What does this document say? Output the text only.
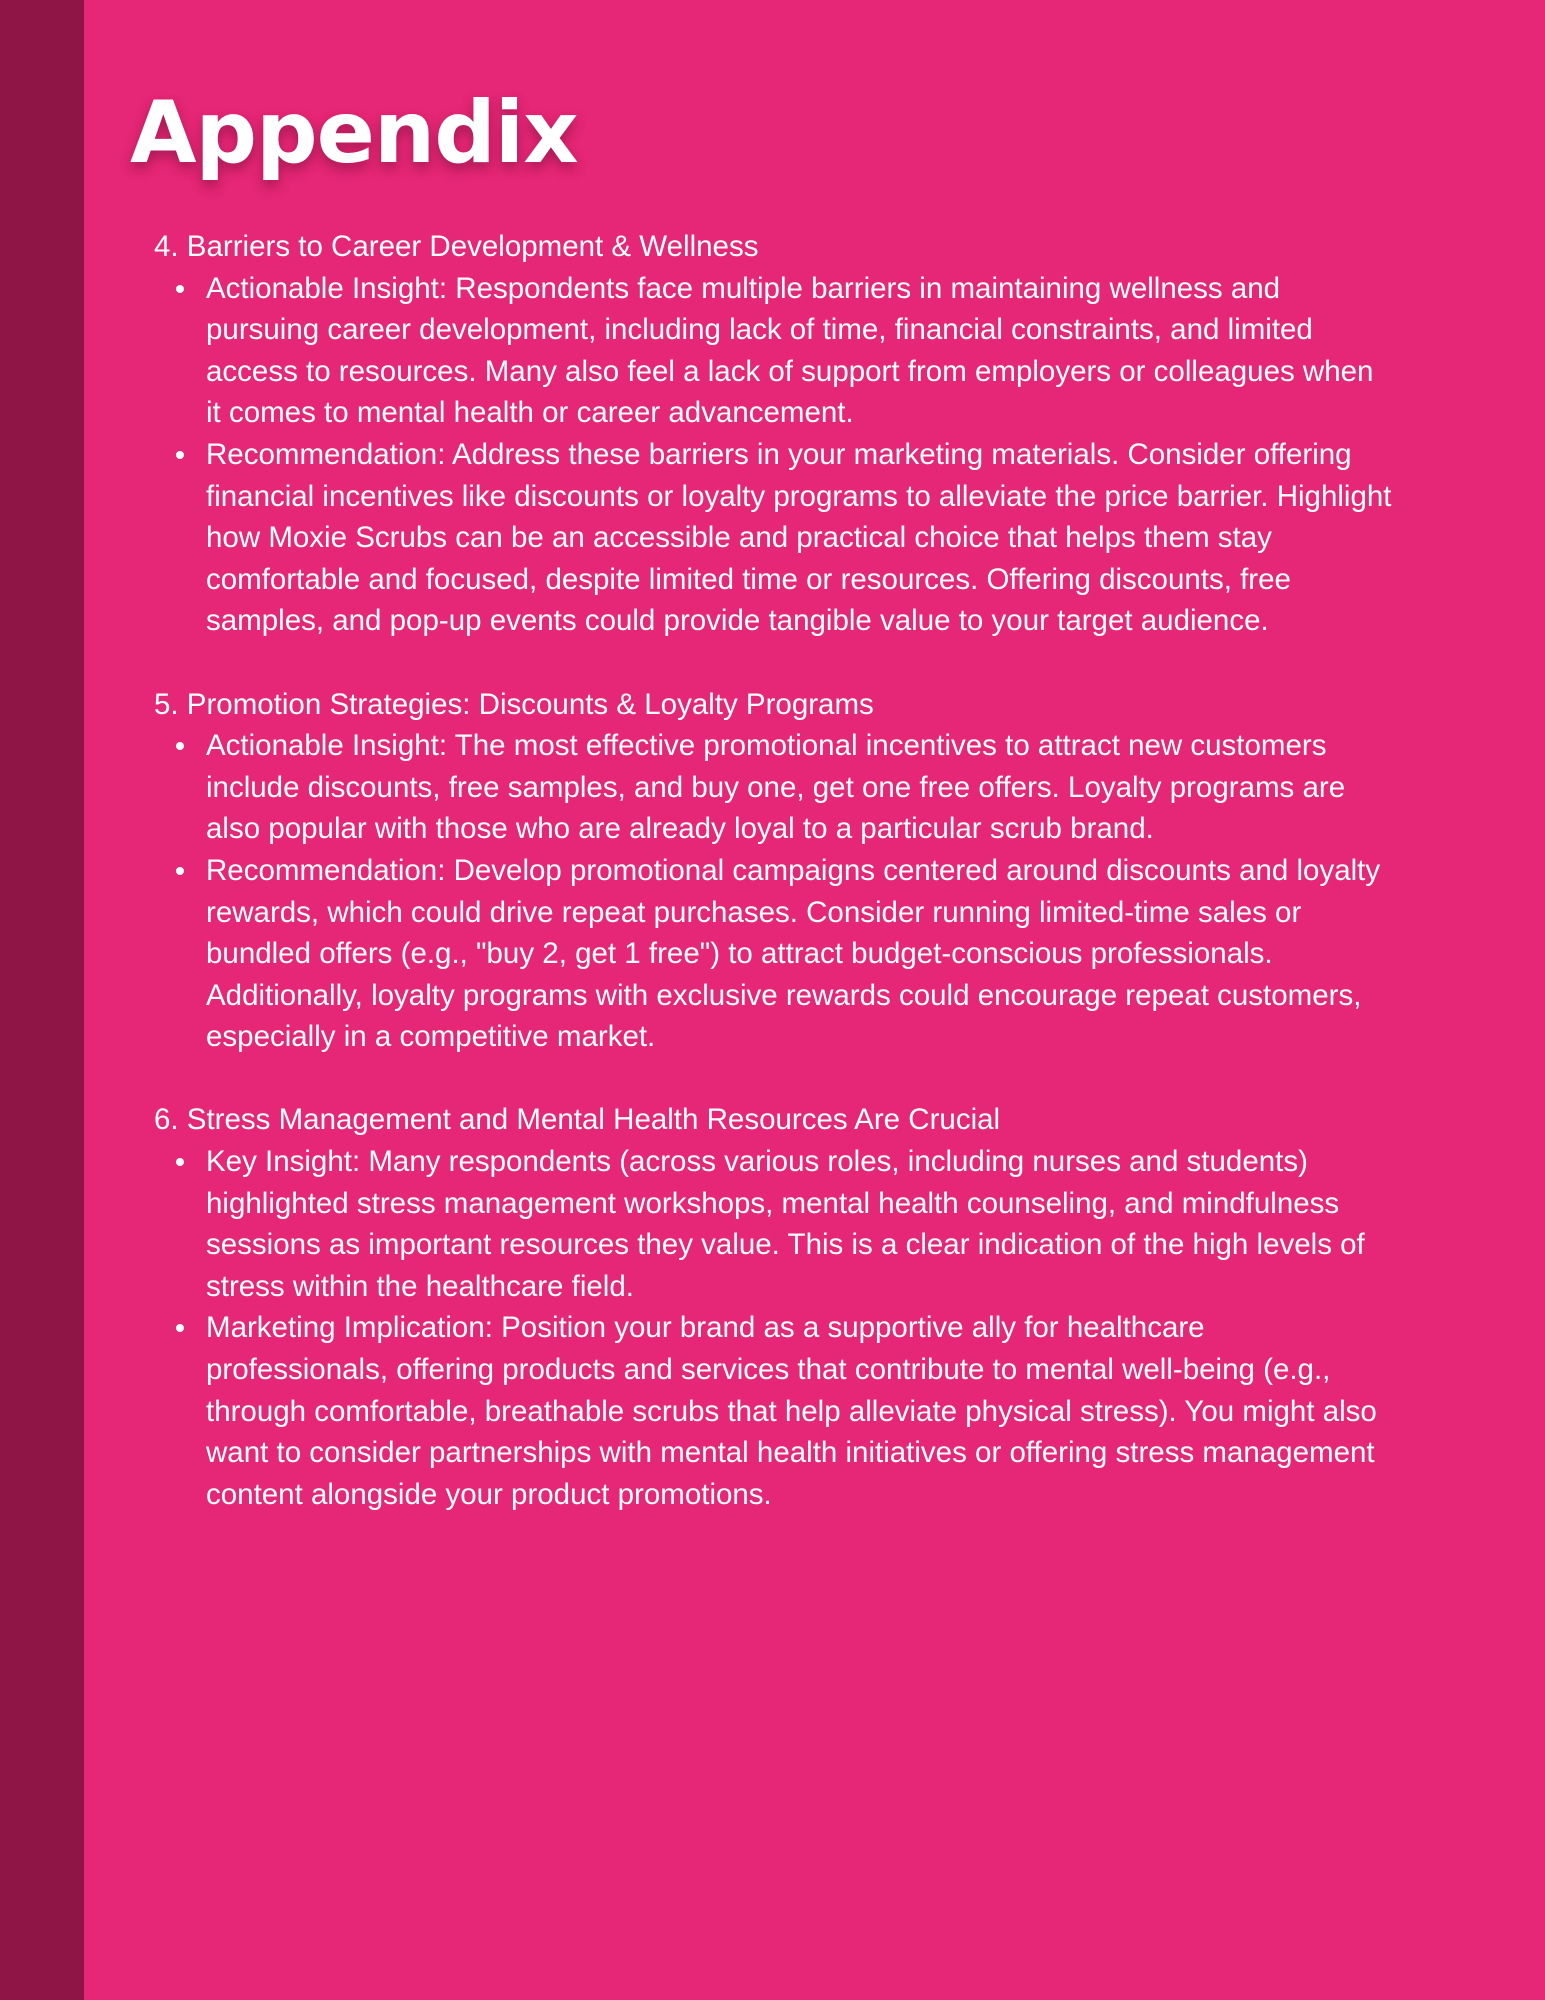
Appendix
4. Barriers to Career Development & Wellness
Actionable Insight: Respondents face multiple barriers in maintaining wellness and pursuing career development, including lack of time, financial constraints, and limited access to resources. Many also feel a lack of support from employers or colleagues when it comes to mental health or career advancement.
Recommendation: Address these barriers in your marketing materials. Consider offering financial incentives like discounts or loyalty programs to alleviate the price barrier. Highlight how Moxie Scrubs can be an accessible and practical choice that helps them stay comfortable and focused, despite limited time or resources. Offering discounts, free samples, and pop-up events could provide tangible value to your target audience.
5. Promotion Strategies: Discounts & Loyalty Programs
Actionable Insight: The most effective promotional incentives to attract new customers include discounts, free samples, and buy one, get one free offers. Loyalty programs are also popular with those who are already loyal to a particular scrub brand.
Recommendation: Develop promotional campaigns centered around discounts and loyalty rewards, which could drive repeat purchases. Consider running limited-time sales or bundled offers (e.g., "buy 2, get 1 free") to attract budget-conscious professionals. Additionally, loyalty programs with exclusive rewards could encourage repeat customers, especially in a competitive market.
6. Stress Management and Mental Health Resources Are Crucial
Key Insight: Many respondents (across various roles, including nurses and students) highlighted stress management workshops, mental health counseling, and mindfulness sessions as important resources they value. This is a clear indication of the high levels of stress within the healthcare field.
Marketing Implication: Position your brand as a supportive ally for healthcare professionals, offering products and services that contribute to mental well-being (e.g., through comfortable, breathable scrubs that help alleviate physical stress). You might also want to consider partnerships with mental health initiatives or offering stress management content alongside your product promotions.
